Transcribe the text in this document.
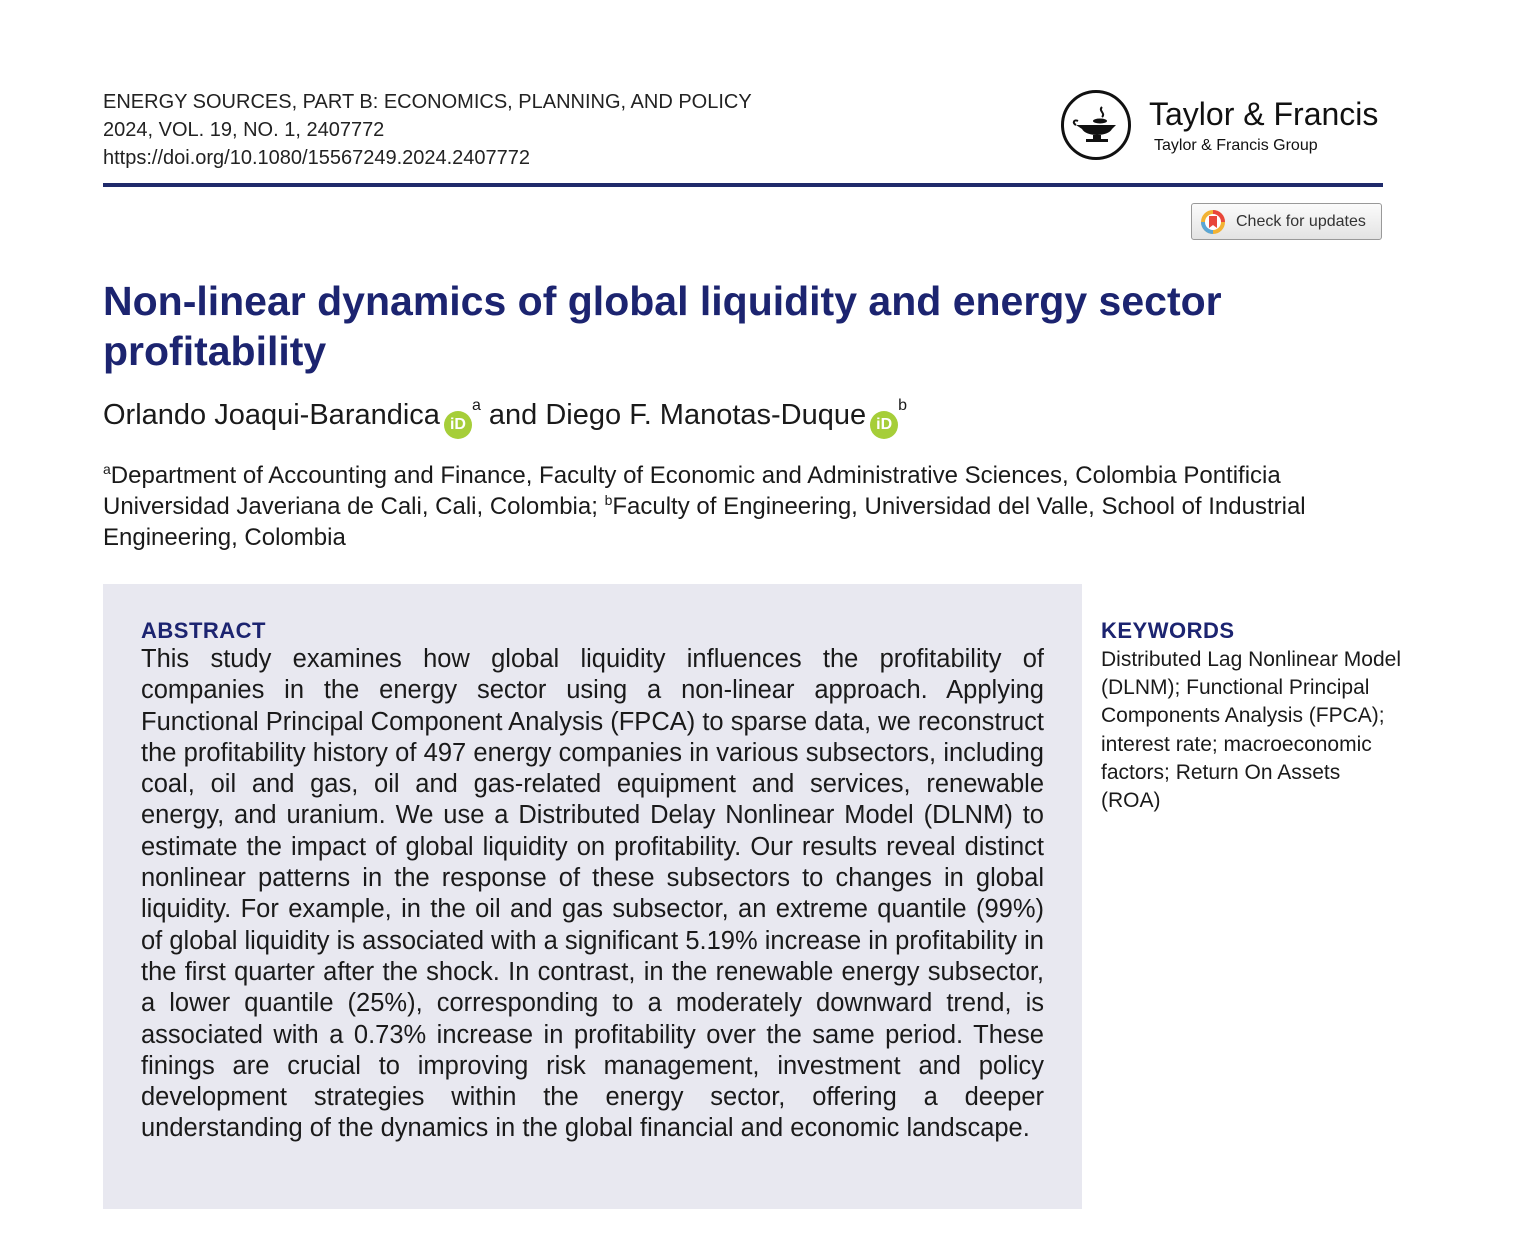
ENERGY SOURCES, PART B: ECONOMICS, PLANNING, AND POLICY
2024, VOL. 19, NO. 1, 2407772
https://doi.org/10.1080/15567249.2024.2407772
Taylor & Francis
Taylor & Francis Group
Check for updates
Non-linear dynamics of global liquidity and energy sector profitability
Orlando Joaqui-Barandica $iD^a$ and Diego F. Manotas-Duque $iD^b$

$^a$Department of Accounting and Finance, Faculty of Economic and Administrative Sciences, Colombia Pontificia Universidad Javeriana de Cali, Cali, Colombia; $^b$Faculty of Engineering, Universidad del Valle, School of Industrial Engineering, Colombia

ABSTRACT

This study examines how global liquidity influences the profitability of companies in the energy sector using a non-linear approach. Applying Functional Principal Component Analysis (FPCA) to sparse data, we reconstruct the profitability history of 497 energy companies in various subsectors, including coal, oil and gas, oil and gas-related equipment and services, renewable energy, and uranium. We use a Distributed Delay Nonlinear Model (DLNM) to estimate the impact of global liquidity on profitability. Our results reveal distinct nonlinear patterns in the response of these subsectors to changes in global liquidity. For example, in the oil and gas subsector, an extreme quantile (99%) of global liquidity is associated with a significant 5.19% increase in profitability in the first quarter after the shock. In contrast, in the renewable energy subsector, a lower quantile (25%), corresponding to a moderately downward trend, is associated with a 0.73% increase in profitability over the same period. These finings are crucial to improving risk management, investment and policy development strategies within the energy sector, offering a deeper understanding of the dynamics in the global financial and economic landscape.

KEYWORDS

Distributed Lag Nonlinear Model (DLNM); Functional Principal Components Analysis (FPCA); interest rate; macroeconomic factors; Return On Assets (ROA)
